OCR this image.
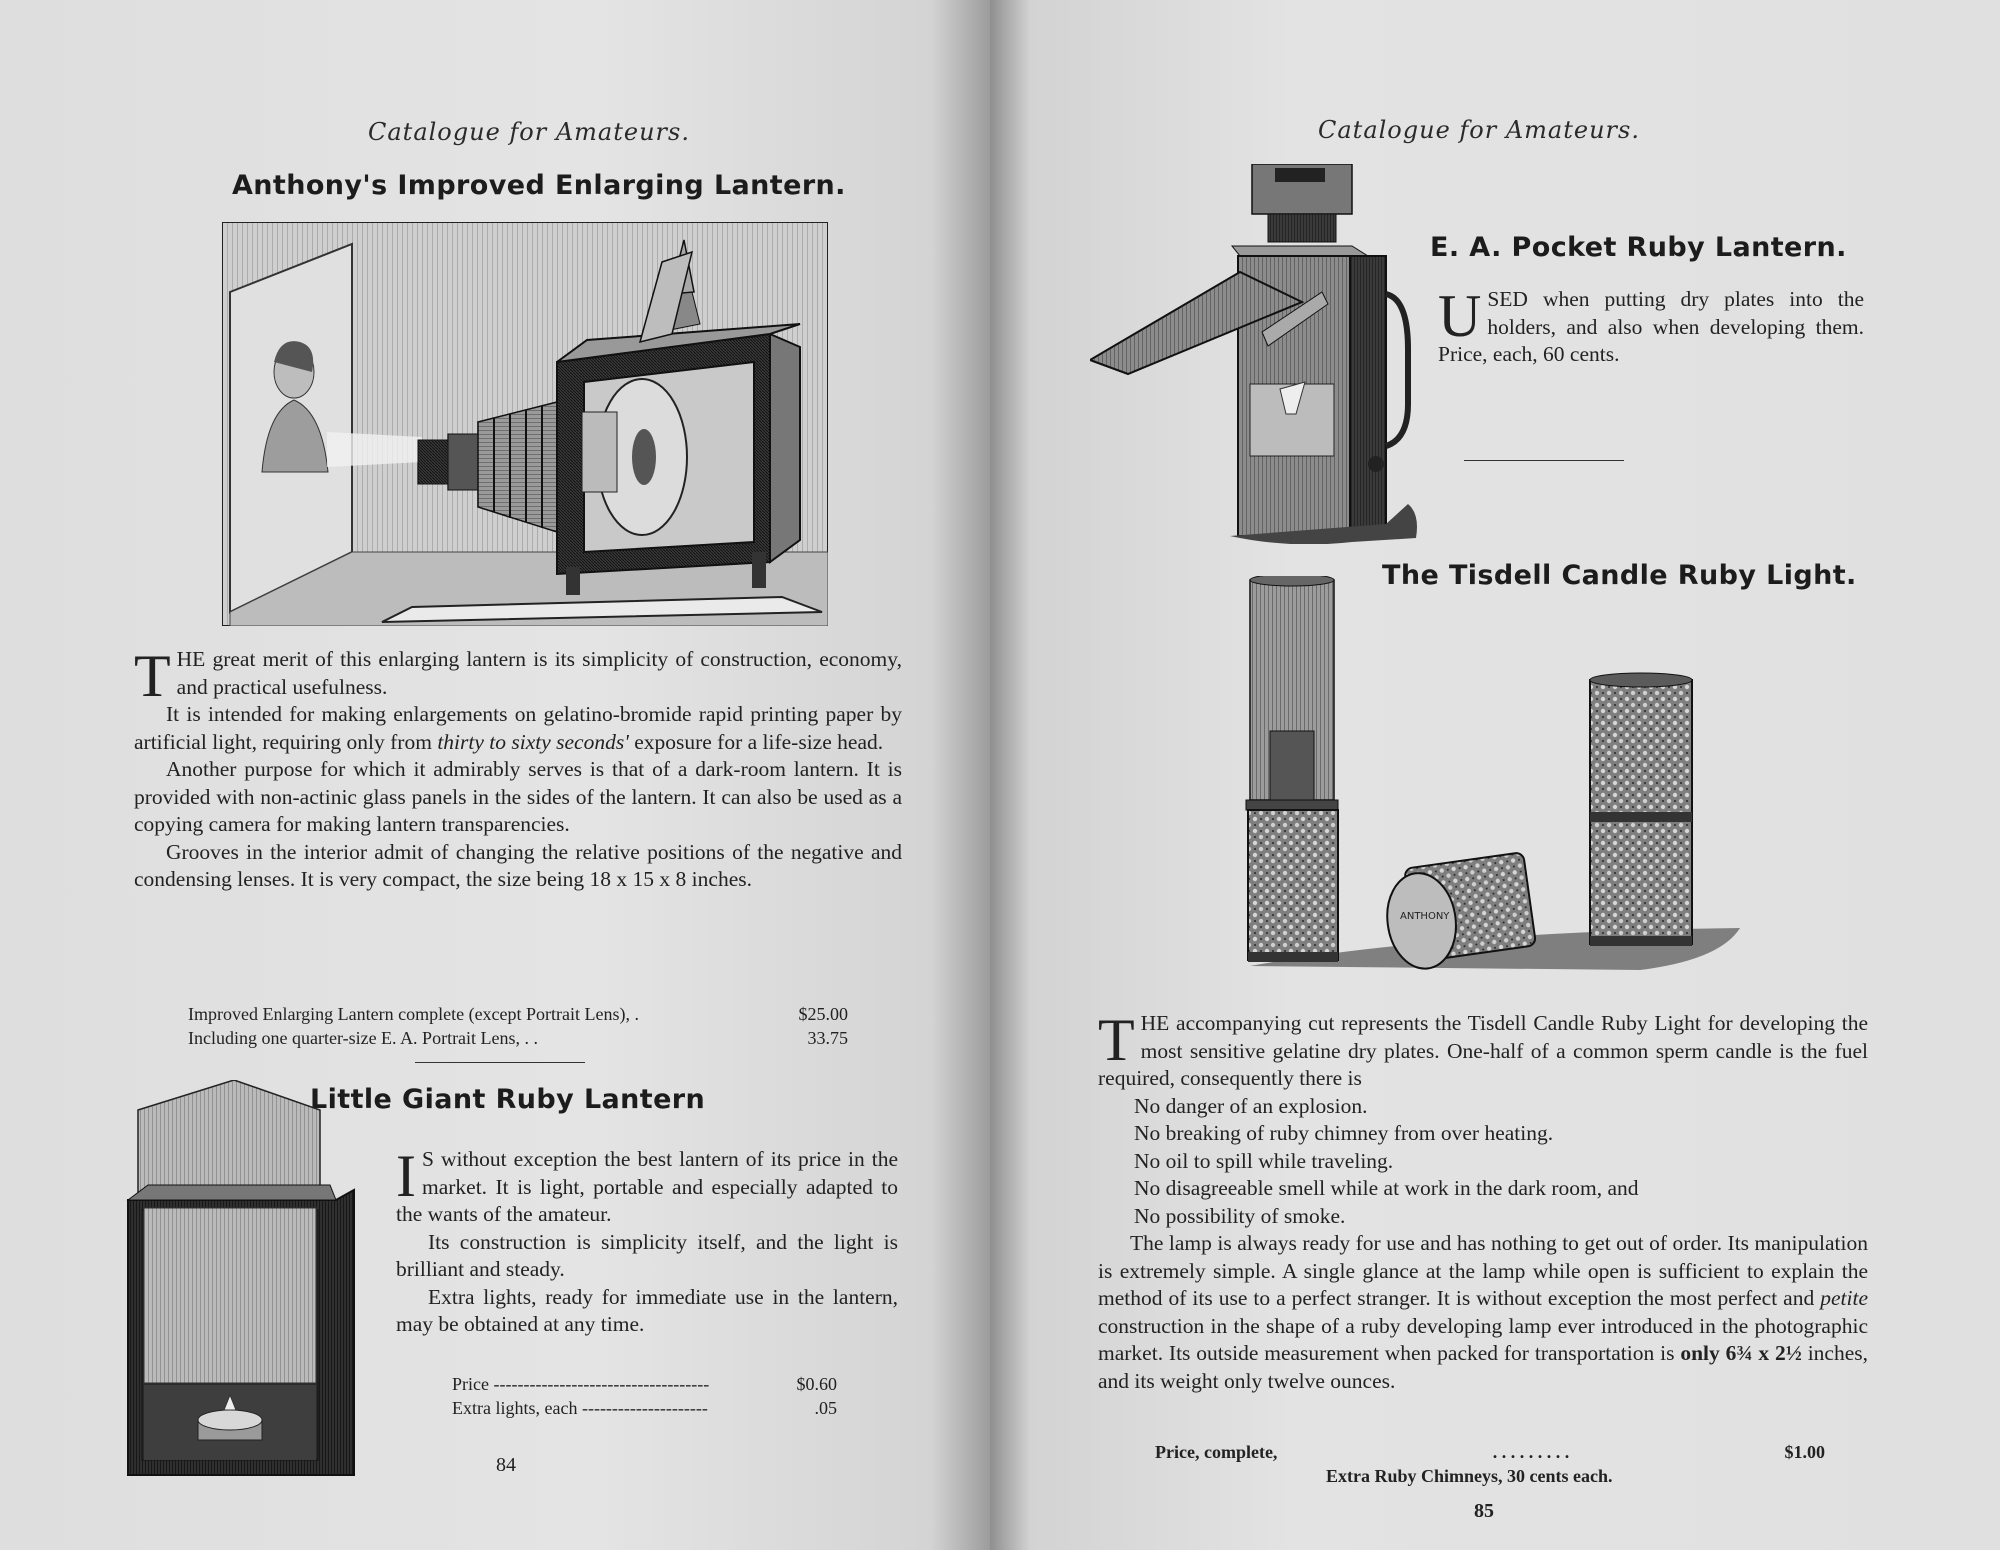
Catalogue for Amateurs.
Anthony's Improved Enlarging Lantern.

THE great merit of this enlarging lantern is its simplicity of construction, economy, and practical usefulness.

It is intended for making enlargements on gelatino-bromide rapid printing paper by artificial light, requiring only from thirty to sixty seconds' exposure for a life-size head.

Another purpose for which it admirably serves is that of a dark-room lantern. It is provided with non-actinic glass panels in the sides of the lantern. It can also be used as a copying camera for making lantern transparencies.

Grooves in the interior admit of changing the relative positions of the negative and condensing lenses. It is very compact, the size being 18 x 15 x 8 inches.

Improved Enlarging Lantern complete (except Portrait Lens), .	$25.00
Including one quarter-size E. A. Portrait Lens, . .	33.75
Little Giant Ruby Lantern

I S without exception the best lantern of its price in the market. It is light, portable and especially adapted to the wants of the amateur.

Its construction is simplicity itself, and the light is brilliant and steady.

Extra lights, ready for immediate use in the lantern, may be obtained at any time.

Price ------------------------------------	$0.60
Extra lights, each ---------------------	.05
84
Catalogue for Amateurs.
E. A. Pocket Ruby Lantern.

USED when putting dry plates into the holders, and also when developing them. Price, each, 60 cents.

The Tisdell Candle Ruby Light.
ANTHONY

THE accompanying cut represents the Tisdell Candle Ruby Light for developing the most sensitive gelatine dry plates. One-half of a common sperm candle is the fuel required, consequently there is

No danger of an explosion.

No breaking of ruby chimney from over heating.

No oil to spill while traveling.

No disagreeable smell while at work in the dark room, and

No possibility of smoke.

The lamp is always ready for use and has nothing to get out of order. Its manipulation is extremely simple. A single glance at the lamp while open is sufficient to explain the method of its use to a perfect stranger. It is without exception the most perfect and petite construction in the shape of a ruby developing lamp ever introduced in the photographic market. Its outside measurement when packed for transportation is only 6¾ x 2½ inches, and its weight only twelve ounces.

Price, complete,	. . . . . . . . .	$1.00
Extra Ruby Chimneys, 30 cents each.
85
